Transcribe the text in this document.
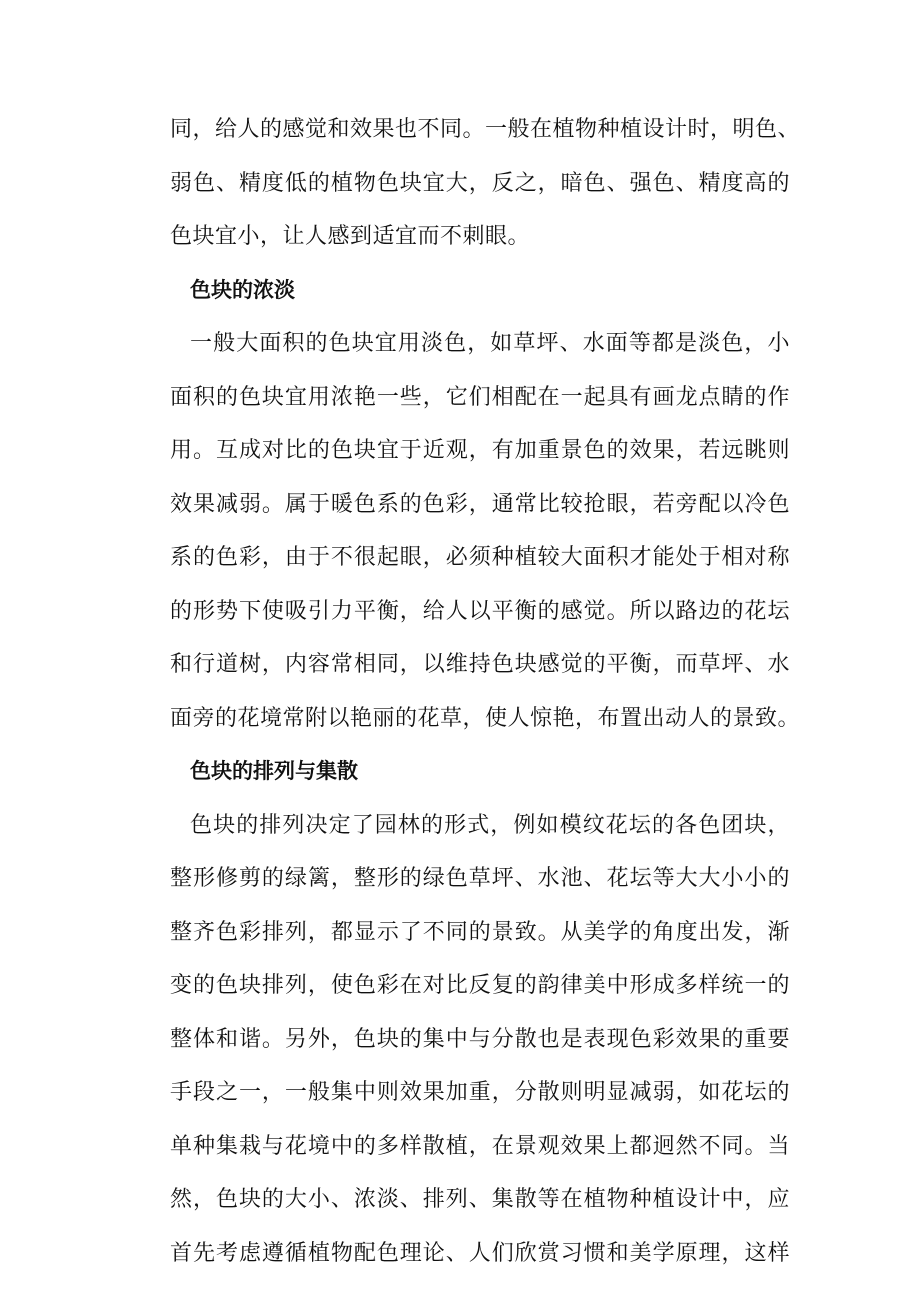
同，给人的感觉和效果也不同。一般在植物种植设计时，明色、
弱色、精度低的植物色块宜大，反之，暗色、强色、精度高的
色块宜小，让人感到适宜而不刺眼。
色块的浓淡
一般大面积的色块宜用淡色，如草坪、水面等都是淡色，小
面积的色块宜用浓艳一些，它们相配在一起具有画龙点睛的作
用。互成对比的色块宜于近观，有加重景色的效果，若远眺则
效果减弱。属于暖色系的色彩，通常比较抢眼，若旁配以冷色
系的色彩，由于不很起眼，必须种植较大面积才能处于相对称
的形势下使吸引力平衡，给人以平衡的感觉。所以路边的花坛
和行道树，内容常相同，以维持色块感觉的平衡，而草坪、水
面旁的花境常附以艳丽的花草，使人惊艳，布置出动人的景致。
色块的排列与集散
色块的排列决定了园林的形式，例如模纹花坛的各色团块，
整形修剪的绿篱，整形的绿色草坪、水池、花坛等大大小小的
整齐色彩排列，都显示了不同的景致。从美学的角度出发，渐
变的色块排列，使色彩在对比反复的韵律美中形成多样统一的
整体和谐。另外，色块的集中与分散也是表现色彩效果的重要
手段之一，一般集中则效果加重，分散则明显减弱，如花坛的
单种集栽与花境中的多样散植，在景观效果上都迥然不同。当
然，色块的大小、浓淡、排列、集散等在植物种植设计中，应
首先考虑遵循植物配色理论、人们欣赏习惯和美学原理，这样
